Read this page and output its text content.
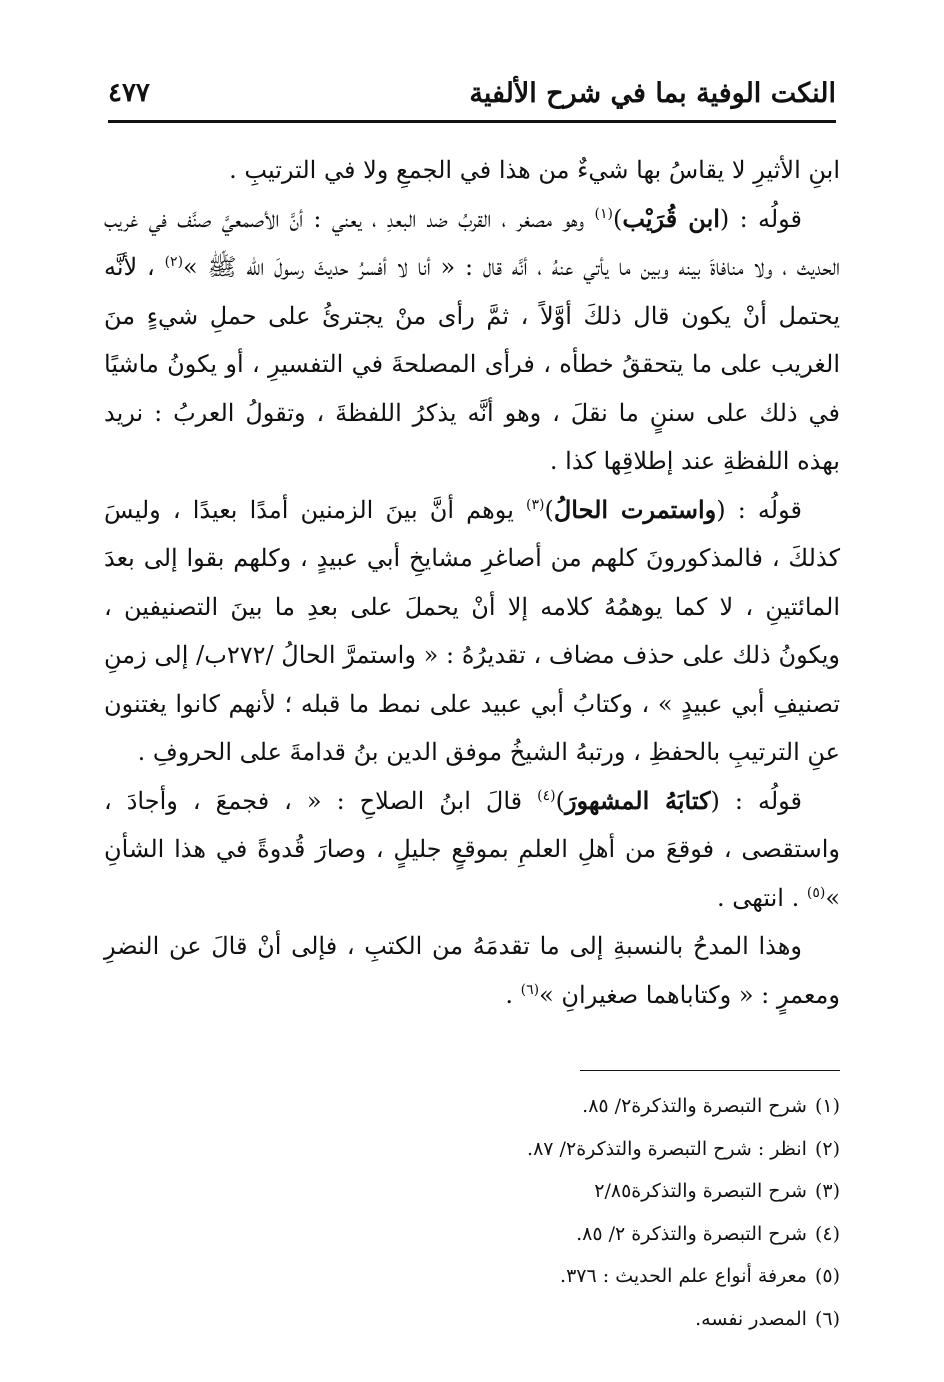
٤٧٧	النكت الوفية بما في شرح الألفية

ابنِ الأثيرِ لا يقاسُ بها شيءٌ من هذا في الجمعِ ولا في الترتيبِ .

قولُه : (ابن قُرَيْب)$^{(١)}$ وهو مصغر ، القربُ ضد البعدِ ، يعني : أنَّ الأصمعيَّ صنَّف في غريب الحديث ، ولا منافاةَ بينه وبين ما يأتي عنهُ ، أنَّه قال : « أنا لا أفسرُ حديثَ رسولَ اللّه ﷺ »$^{(٢)}$ ، لأنَّه يحتمل أنْ يكون قال ذلكَ أوَّلاً ، ثمَّ رأى منْ يجترئُ على حملِ شيءٍ منَ الغريب على ما يتحققُ خطأه ، فرأى المصلحةَ في التفسيرِ ، أو يكونُ ماشيًا في ذلك على سننٍ ما نقلَ ، وهو أنَّه يذكرُ اللفظةَ ، وتقولُ العربُ : نريد بهذه اللفظةِ عند إطلاقِها كذا .

قولُه : (واستمرت الحالُ)$^{(٣)}$ يوهم أنَّ بينَ الزمنين أمدًا بعيدًا ، وليسَ كذلكَ ، فالمذكورونَ كلهم من أصاغرِ مشايخِ أبي عبيدٍ ، وكلهم بقوا إلى بعدَ المائتينِ ، لا كما يوهمُهُ كلامه إلا أنْ يحملَ على بعدِ ما بينَ التصنيفين ، ويكونُ ذلك على حذف مضاف ، تقديرُهُ : « واستمرَّ الحالُ /٢٧٢ب/ إلى زمنِ تصنيفِ أبي عبيدٍ » ، وكتابُ أبي عبيد على نمط ما قبله ؛ لأنهم كانوا يغتنون عنِ الترتيبِ بالحفظِ ، ورتبهُ الشيخُ موفق الدين بنُ قدامةَ على الحروفِ .

قولُه : (كتابَهُ المشهورَ)$^{(٤)}$ قالَ ابنُ الصلاحِ : « ، فجمعَ ، وأجادَ ، واستقصى ، فوقعَ من أهلِ العلمِ بموقعٍ جليلٍ ، وصارَ قُدوةً في هذا الشأنِ »$^{(٥)}$ . انتهى .

وهذا المدحُ بالنسبةِ إلى ما تقدمَهُ من الكتبِ ، فإلى أنْ قالَ عن النضرِ ومعمرٍ : « وكتاباهما صغيرانِ »$^{(٦)}$ .

(١)شرح التبصرة والتذكرة٢/ ٨٥.
(٢)انظر : شرح التبصرة والتذكرة٢/ ٨٧.
(٣)شرح التبصرة والتذكرة٢/٨٥
(٤)شرح التبصرة والتذكرة ٢/ ٨٥.
(٥)معرفة أنواع علم الحديث : ٣٧٦.
(٦)المصدر نفسه.
